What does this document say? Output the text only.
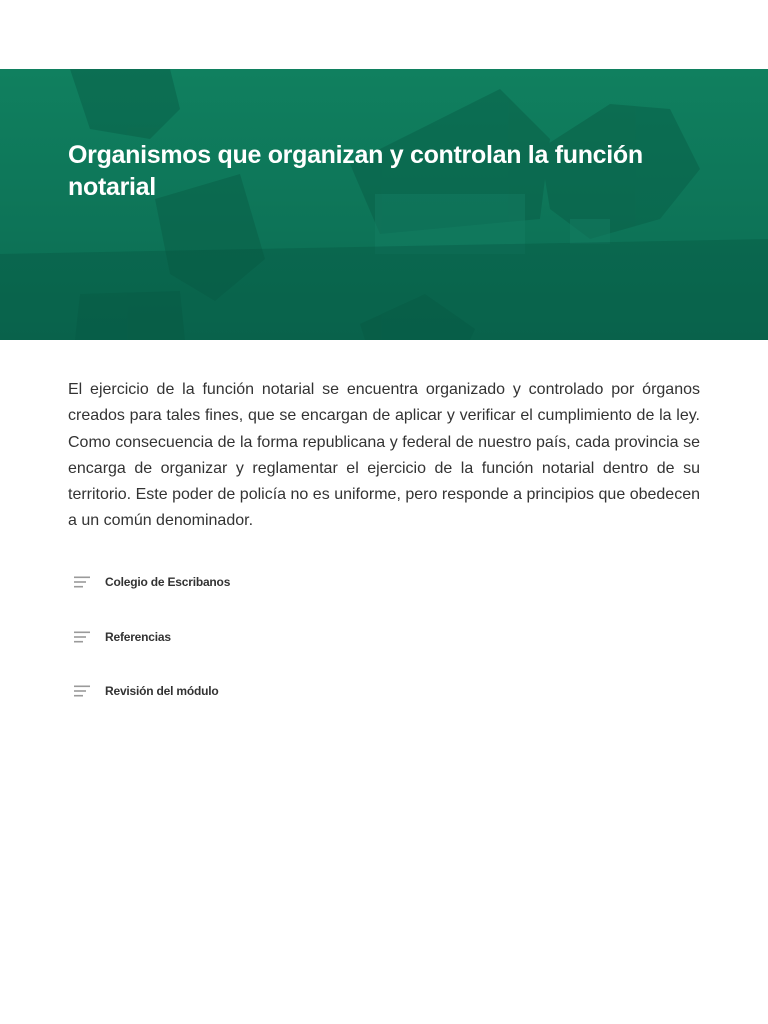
Organismos que organizan y controlan la función notarial

El ejercicio de la función notarial se encuentra organizado y controlado por órganos creados para tales fines, que se encargan de aplicar y verificar el cumplimiento de la ley. Como consecuencia de la forma republicana y federal de nuestro país, cada provincia se encarga de organizar y reglamentar el ejercicio de la función notarial dentro de su territorio. Este poder de policía no es uniforme, pero responde a principios que obedecen a un común denominador.

Colegio de Escribanos
Referencias
Revisión del módulo
